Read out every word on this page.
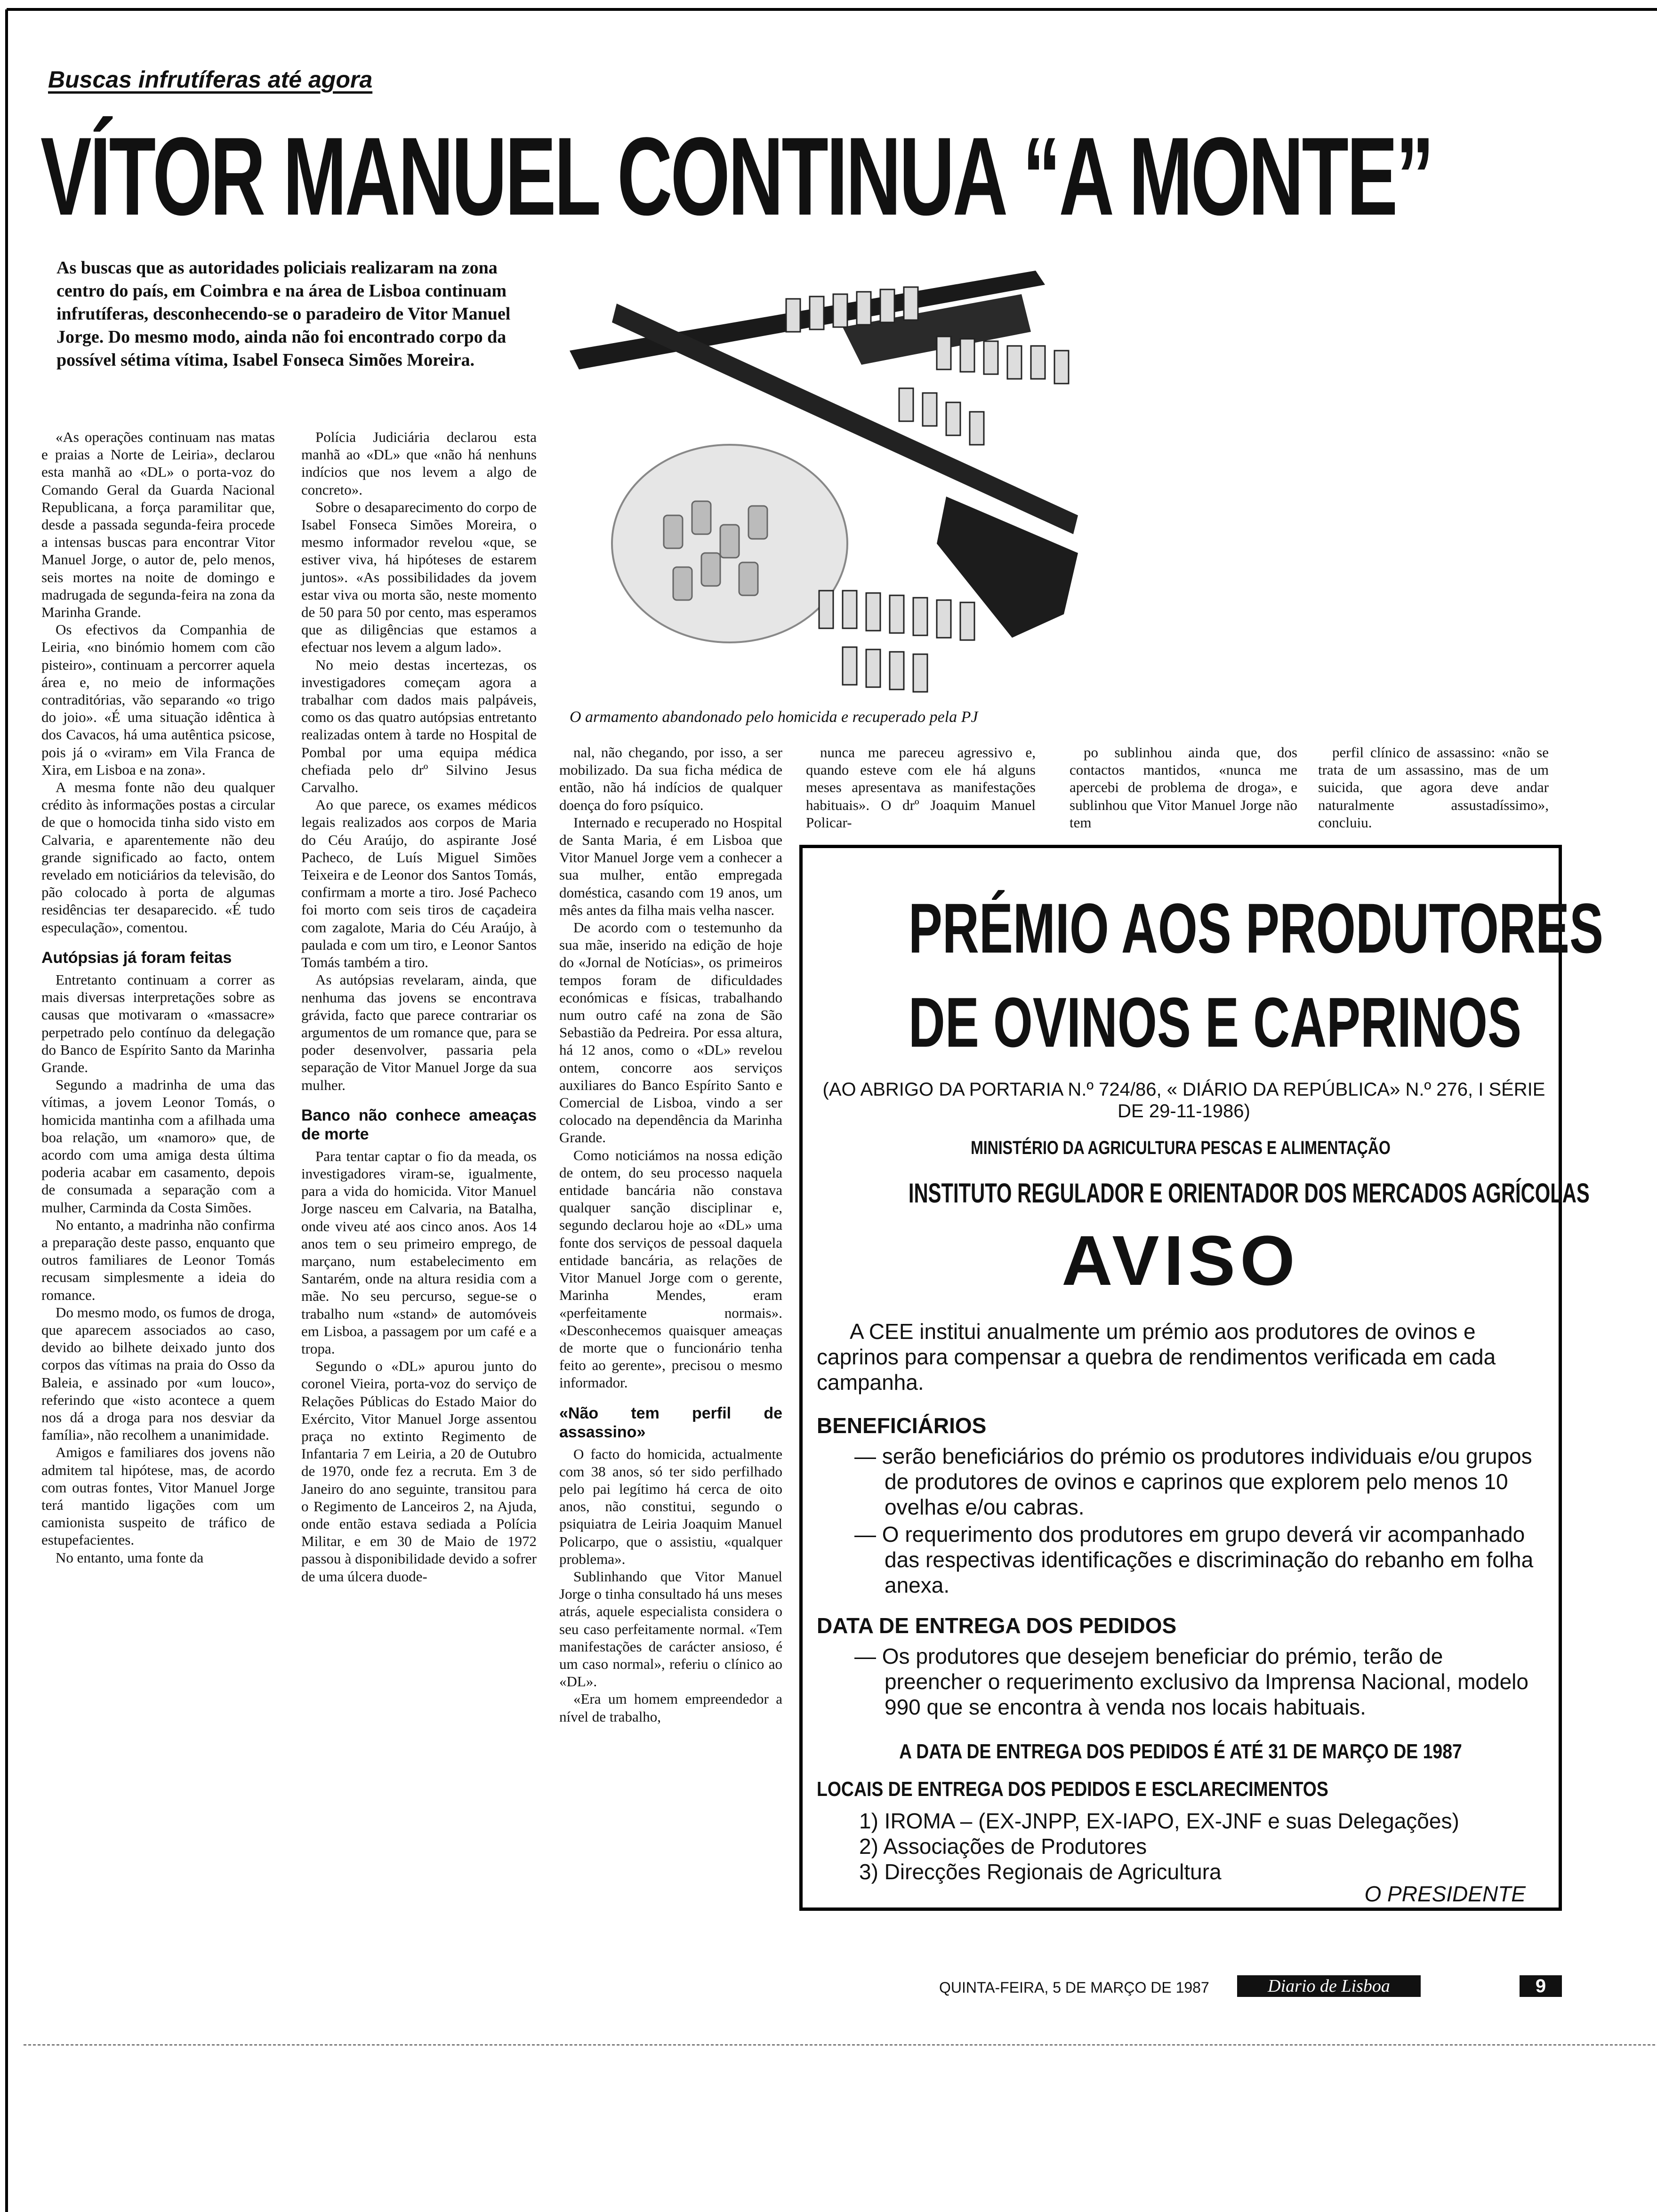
Buscas infrutíferas até agora
VÍTOR MANUEL CONTINUA “A MONTE”
As buscas que as autoridades policiais realizaram na zona centro do país, em Coimbra e na área de Lisboa continuam infrutíferas, desconhecendo-se o paradeiro de Vitor Manuel Jorge. Do mesmo modo, ainda não foi encontrado corpo da possível sétima vítima, Isabel Fonseca Simões Moreira.
O armamento abandonado pelo homicida e recuperado pela PJ

«As operações continuam nas matas e praias a Norte de Leiria», declarou esta manhã ao «DL» o porta-voz do Comando Geral da Guarda Nacional Republicana, a força paramilitar que, desde a passada segunda-feira procede a intensas buscas para encontrar Vitor Manuel Jorge, o autor de, pelo menos, seis mortes na noite de domingo e madrugada de segunda-feira na zona da Marinha Grande.

Os efectivos da Companhia de Leiria, «no binómio homem com cão pisteiro», continuam a percorrer aquela área e, no meio de informações contraditórias, vão separando «o trigo do joio». «É uma situação idêntica à dos Cavacos, há uma autêntica psicose, pois já o «viram» em Vila Franca de Xira, em Lisboa e na zona».

A mesma fonte não deu qualquer crédito às informações postas a circular de que o homocida tinha sido visto em Calvaria, e aparentemente não deu grande significado ao facto, ontem revelado em noticiários da televisão, do pão colocado à porta de algumas residências ter desaparecido. «É tudo especulação», comentou.

Autópsias já foram feitas

Entretanto continuam a correr as mais diversas interpretações sobre as causas que motivaram o «massacre» perpetrado pelo contínuo da delegação do Banco de Espírito Santo da Marinha Grande.

Segundo a madrinha de uma das vítimas, a jovem Leonor Tomás, o homicida mantinha com a afilhada uma boa relação, um «namoro» que, de acordo com uma amiga desta última poderia acabar em casamento, depois de consumada a separação com a mulher, Carminda da Costa Simões.

No entanto, a madrinha não confirma a preparação deste passo, enquanto que outros familiares de Leonor Tomás recusam simplesmente a ideia do romance.

Do mesmo modo, os fumos de droga, que aparecem associados ao caso, devido ao bilhete deixado junto dos corpos das vítimas na praia do Osso da Baleia, e assinado por «um louco», referindo que «isto acontece a quem nos dá a droga para nos desviar da família», não recolhem a unanimidade.

Amigos e familiares dos jovens não admitem tal hipótese, mas, de acordo com outras fontes, Vitor Manuel Jorge terá mantido ligações com um camionista suspeito de tráfico de estupefacientes.

No entanto, uma fonte da

Polícia Judiciária declarou esta manhã ao «DL» que «não há nenhuns indícios que nos levem a algo de concreto».

Sobre o desaparecimento do corpo de Isabel Fonseca Simões Moreira, o mesmo informador revelou «que, se estiver viva, há hipóteses de estarem juntos». «As possibilidades da jovem estar viva ou morta são, neste momento de 50 para 50 por cento, mas esperamos que as diligências que estamos a efectuar nos levem a algum lado».

No meio destas incertezas, os investigadores começam agora a trabalhar com dados mais palpáveis, como os das quatro autópsias entretanto realizadas ontem à tarde no Hospital de Pombal por uma equipa médica chefiada pelo drº Silvino Jesus Carvalho.

Ao que parece, os exames médicos legais realizados aos corpos de Maria do Céu Araújo, do aspirante José Pacheco, de Luís Miguel Simões Teixeira e de Leonor dos Santos Tomás, confirmam a morte a tiro. José Pacheco foi morto com seis tiros de caçadeira com zagalote, Maria do Céu Araújo, à paulada e com um tiro, e Leonor Santos Tomás também a tiro.

As autópsias revelaram, ainda, que nenhuma das jovens se encontrava grávida, facto que parece contrariar os argumentos de um romance que, para se poder desenvolver, passaria pela separação de Vitor Manuel Jorge da sua mulher.

Banco não conhece ameaças de morte

Para tentar captar o fio da meada, os investigadores viram-se, igualmente, para a vida do homicida. Vitor Manuel Jorge nasceu em Calvaria, na Batalha, onde viveu até aos cinco anos. Aos 14 anos tem o seu primeiro emprego, de marçano, num estabelecimento em Santarém, onde na altura residia com a mãe. No seu percurso, segue-se o trabalho num «stand» de automóveis em Lisboa, a passagem por um café e a tropa.

Segundo o «DL» apurou junto do coronel Vieira, porta-voz do serviço de Relações Públicas do Estado Maior do Exército, Vitor Manuel Jorge assentou praça no extinto Regimento de Infantaria 7 em Leiria, a 20 de Outubro de 1970, onde fez a recruta. Em 3 de Janeiro do ano seguinte, transitou para o Regimento de Lanceiros 2, na Ajuda, onde então estava sediada a Polícia Militar, e em 30 de Maio de 1972 passou à disponibilidade devido a sofrer de uma úlcera duode-

nal, não chegando, por isso, a ser mobilizado. Da sua ficha médica de então, não há indícios de qualquer doença do foro psíquico.

Internado e recuperado no Hospital de Santa Maria, é em Lisboa que Vitor Manuel Jorge vem a conhecer a sua mulher, então empregada doméstica, casando com 19 anos, um mês antes da filha mais velha nascer.

De acordo com o testemunho da sua mãe, inserido na edição de hoje do «Jornal de Notícias», os primeiros tempos foram de dificuldades económicas e físicas, trabalhando num outro café na zona de São Sebastião da Pedreira. Por essa altura, há 12 anos, como o «DL» revelou ontem, concorre aos serviços auxiliares do Banco Espírito Santo e Comercial de Lisboa, vindo a ser colocado na dependência da Marinha Grande.

Como noticiámos na nossa edição de ontem, do seu processo naquela entidade bancária não constava qualquer sanção disciplinar e, segundo declarou hoje ao «DL» uma fonte dos serviços de pessoal daquela entidade bancária, as relações de Vitor Manuel Jorge com o gerente, Marinha Mendes, eram «perfeitamente normais». «Desconhecemos quaisquer ameaças de morte que o funcionário tenha feito ao gerente», precisou o mesmo informador.

«Não tem perfil de assassino»

O facto do homicida, actualmente com 38 anos, só ter sido perfilhado pelo pai legítimo há cerca de oito anos, não constitui, segundo o psiquiatra de Leiria Joaquim Manuel Policarpo, que o assistiu, «qualquer problema».

Sublinhando que Vitor Manuel Jorge o tinha consultado há uns meses atrás, aquele especialista considera o seu caso perfeitamente normal. «Tem manifestações de carácter ansioso, é um caso normal», referiu o clínico ao «DL».

«Era um homem empreendedor a nível de trabalho,

nunca me pareceu agressivo e, quando esteve com ele há alguns meses apresentava as manifestações habituais». O drº Joaquim Manuel Policar-

po sublinhou ainda que, dos contactos mantidos, «nunca me apercebi de problema de droga», e sublinhou que Vitor Manuel Jorge não tem

perfil clínico de assassino: «não se trata de um assassino, mas de um suicida, que agora deve andar naturalmente assustadíssimo», concluiu.

PRÉMIO AOS PRODUTORES
DE OVINOS E CAPRINOS
(AO ABRIGO DA PORTARIA N.º 724/86, « DIÁRIO DA REPÚBLICA» N.º 276, I SÉRIE DE 29-11-1986)
MINISTÉRIO DA AGRICULTURA PESCAS E ALIMENTAÇÃO
INSTITUTO REGULADOR E ORIENTADOR DOS MERCADOS AGRÍCOLAS
AVISO
A CEE institui anualmente um prémio aos produtores de ovinos e caprinos para compensar a quebra de rendimentos verificada em cada campanha.
BENEFICIÁRIOS
— serão beneficiários do prémio os produtores individuais e/ou grupos de produtores de ovinos e caprinos que explorem pelo menos 10 ovelhas e/ou cabras.
— O requerimento dos produtores em grupo deverá vir acompanhado das respectivas identificações e discriminação do rebanho em folha anexa.
DATA DE ENTREGA DOS PEDIDOS
— Os produtores que desejem beneficiar do prémio, terão de preencher o requerimento exclusivo da Imprensa Nacional, modelo 990 que se encontra à venda nos locais habituais.
A DATA DE ENTREGA DOS PEDIDOS É ATÉ 31 DE MARÇO DE 1987
LOCAIS DE ENTREGA DOS PEDIDOS E ESCLARECIMENTOS
1) IROMA – (EX-JNPP, EX-IAPO, EX-JNF e suas Delegações)
2) Associações de Produtores
3) Direcções Regionais de Agricultura
O PRESIDENTE
QUINTA-FEIRA, 5 DE MARÇO DE 1987	Diario de Lisboa	9
